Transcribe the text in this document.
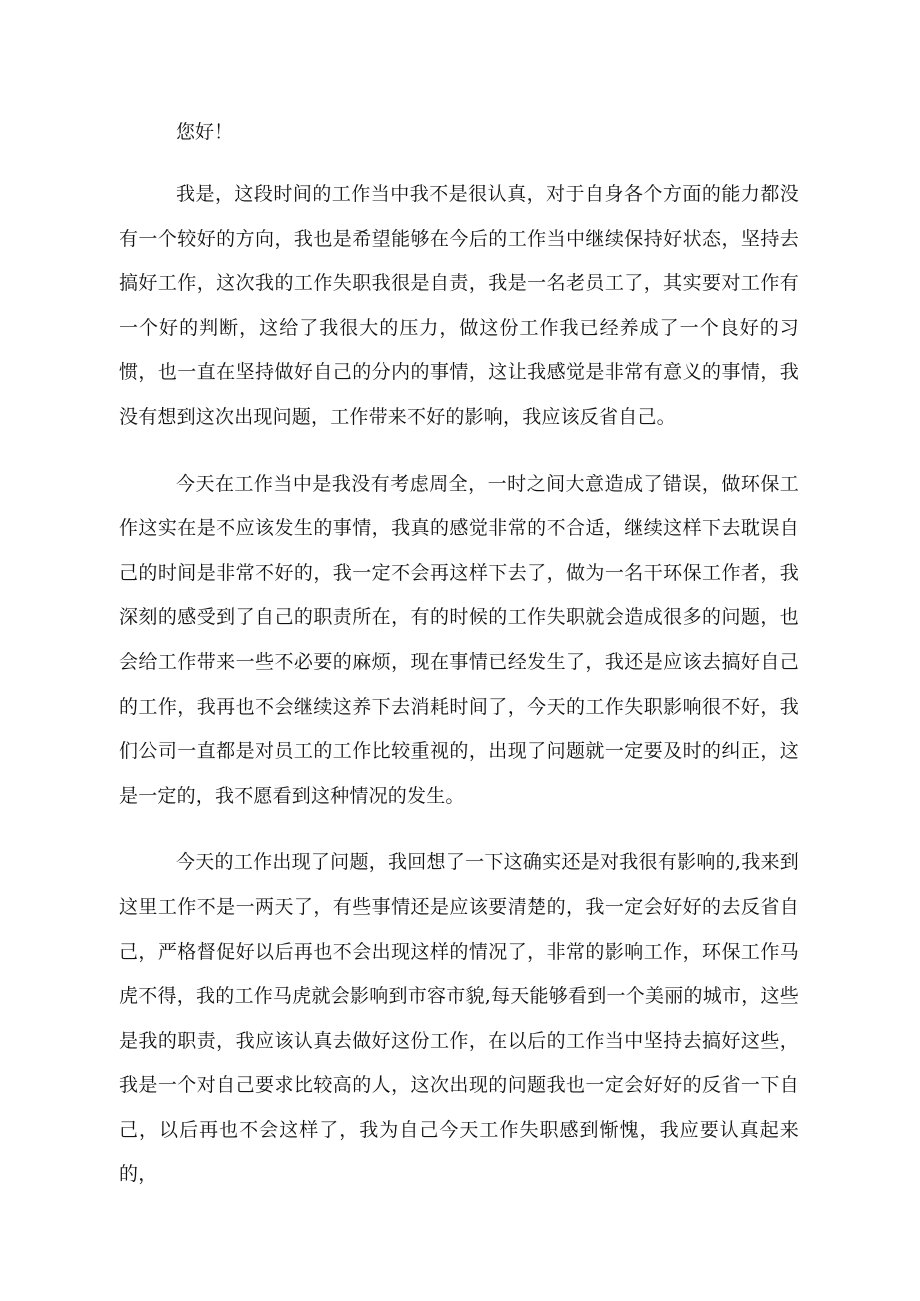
您好！

我是，这段时间的工作当中我不是很认真，对于自身各个方面的能力都没有一个较好的方向，我也是希望能够在今后的工作当中继续保持好状态，坚持去搞好工作，这次我的工作失职我很是自责，我是一名老员工了，其实要对工作有一个好的判断，这给了我很大的压力，做这份工作我已经养成了一个良好的习惯，也一直在坚持做好自己的分内的事情，这让我感觉是非常有意义的事情，我没有想到这次出现问题，工作带来不好的影响，我应该反省自己。

今天在工作当中是我没有考虑周全，一时之间大意造成了错误，做环保工作这实在是不应该发生的事情，我真的感觉非常的不合适，继续这样下去耽误自己的时间是非常不好的，我一定不会再这样下去了，做为一名干环保工作者，我深刻的感受到了自己的职责所在，有的时候的工作失职就会造成很多的问题，也会给工作带来一些不必要的麻烦，现在事情已经发生了，我还是应该去搞好自己的工作，我再也不会继续这养下去消耗时间了，今天的工作失职影响很不好，我们公司一直都是对员工的工作比较重视的，出现了问题就一定要及时的纠正，这是一定的，我不愿看到这种情况的发生。

今天的工作出现了问题，我回想了一下这确实还是对我很有影响的,我来到这里工作不是一两天了，有些事情还是应该要清楚的，我一定会好好的去反省自己，严格督促好以后再也不会出现这样的情况了，非常的影响工作，环保工作马虎不得，我的工作马虎就会影响到市容市貌,每天能够看到一个美丽的城市，这些是我的职责，我应该认真去做好这份工作，在以后的工作当中坚持去搞好这些，我是一个对自己要求比较高的人，这次出现的问题我也一定会好好的反省一下自己，以后再也不会这样了，我为自己今天工作失职感到惭愧，我应要认真起来的，
